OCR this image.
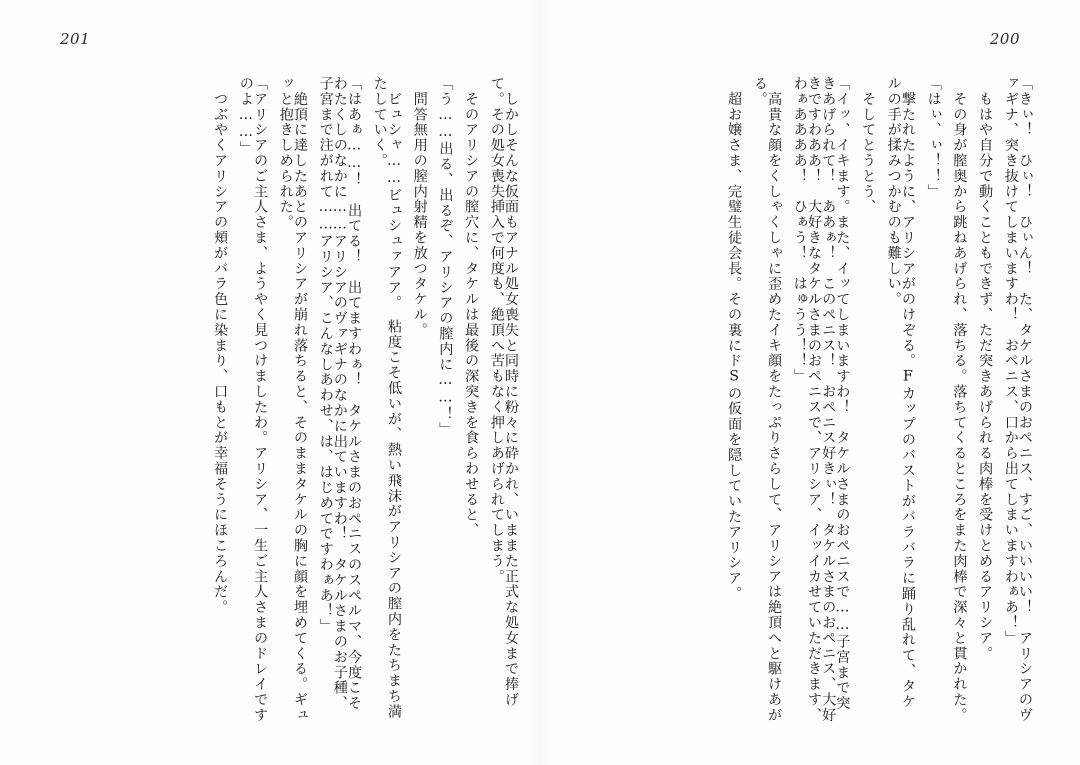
201	200
「きぃ！　ひぃ！　ひぃん！　た、タケルさまのおペニス、すご、いいいい！　アリシアのヴァギナ、突き抜けてしまいますわ！　おペニス、口から出てしまいますわぁあ！」
　もはや自分で動くこともできず、ただ突きあげられる肉棒を受けとめるアリシア。
　その身が膣奥から跳ねあげられ、落ちる。落ちてくるところをまた肉棒で深々と貫かれた。
「はぃ、ぃ！！」
　撃たれたように、アリシアがのけぞる。Fカップのバストがバラバラに踊り乱れて、タケルの手が揉みつかむのも難しい。
　そしてとうとう、
「イッ、イキます。また、イッてしまいますわ！　タケルさまのおペニスで……子宮まで突きあげられて！　ああぁ！　このペニス！　おペニス好きぃ！　タケルさまのおペニス、大好きですわああ！　大好きなタケルさまのおペニスで、アリシア、イッイカせていただきます、わぁああああ！　ひぁう！　はゅうう！！」
　高貴な顔をくしゃくしゃに歪めたイキ顔をたっぷりさらして、アリシアは絶頂へと駆けあがる。
　超お嬢さま、完璧生徒会長。その裏にドSの仮面を隠していたアリシア。
　しかしそんな仮面もアナル処女喪失と同時に粉々に砕かれ、いままた正式な処女まで捧げて。その処女喪失挿入で何度も、絶頂へ苦もなく押しあげられてしまう。
　そのアリシアの膣穴に、タケルは最後の深突きを食らわせると、
「う……出る、出るぞ、アリシアの膣内に……！」
　問答無用の膣内射精を放つタケル。
　ビュシャ……ビュシュァアア。　粘度こそ低いが、熱い飛沫がアリシアの膣内をたちまち満たしていく。
「はあぁ……！　出てる！　出てますわぁ！　タケルさまのおペニスのスペルマ、今度こそわたくしのなかに……アリシアのヴァギナのなかに出ていますわ！　タケルさまのお子種、子宮まで注がれて……アリシア、こんなしあわせ、は、はじめてですわぁあ！」
　絶頂に達したあとのアリシアが崩れ落ちると、そのままタケルの胸に顔を埋めてくる。ギュッと抱きしめられた。
「アリシアのご主人さま、ようやく見つけましたわ。アリシア、一生ご主人さまのドレイですのよ……」
　つぶやくアリシアの頬がバラ色に染まり、口もとが幸福そうにほころんだ。
